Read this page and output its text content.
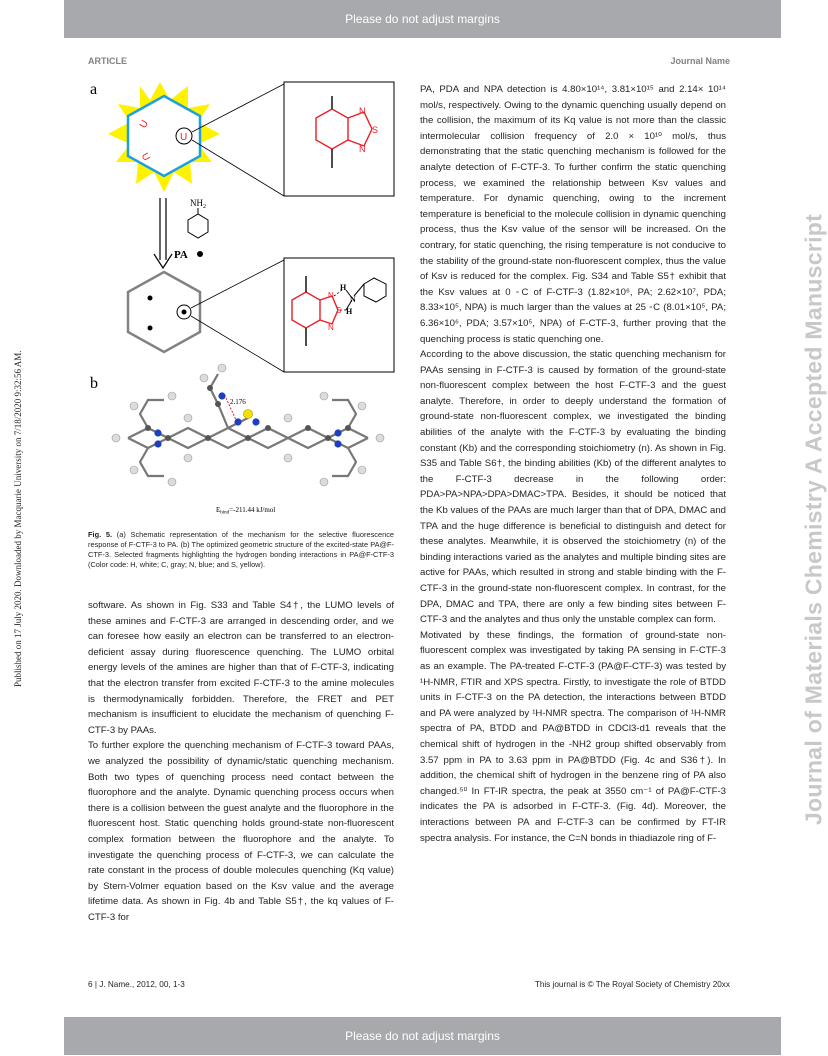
Please do not adjust margins
Please do not adjust margins
ARTICLE	Journal Name
Published on 17 July 2020. Downloaded by Macquarie University on 7/18/2020 9:32:56 AM.	Journal of Materials Chemistry A Accepted Manuscript
a
b
U
U
U
N
S
N
$NH_2$
PA
N
S
N
H
N
H
2.176
$E_{bind}=-211.44$ kJ/mol
Fig. 5. (a) Schematic representation of the mechanism for the selective fluorescence response of F-CTF-3 to PA. (b) The optimized geometric structure of the excited-state PA@F-CTF-3. Selected fragments highlighting the hydrogen bonding interactions in PA@F-CTF-3 (Color code: H, white; C, gray; N, blue; and S, yellow).

software. As shown in Fig. S33 and Table S4†, the LUMO levels of these amines and F-CTF-3 are arranged in descending order, and we can foresee how easily an electron can be transferred to an electron-deficient assay during fluorescence quenching. The LUMO orbital energy levels of the amines are higher than that of F-CTF-3, indicating that the electron transfer from excited F-CTF-3 to the amine molecules is thermodynamically forbidden. Therefore, the FRET and PET mechanism is insufficient to elucidate the mechanism of quenching F-CTF-3 by PAAs.

To further explore the quenching mechanism of F-CTF-3 toward PAAs, we analyzed the possibility of dynamic/static quenching mechanism. Both two types of quenching process need contact between the fluorophore and the analyte. Dynamic quenching process occurs when there is a collision between the guest analyte and the fluorophore in the fluorescent host. Static quenching holds ground-state non-fluorescent complex formation between the fluorophore and the analyte. To investigate the quenching process of F-CTF-3, we can calculate the rate constant in the process of double molecules quenching (Kq value) by Stern-Volmer equation based on the Ksv value and the average lifetime data. As shown in Fig. 4b and Table S5†, the kq values of F-CTF-3 for

PA, PDA and NPA detection is 4.80×10¹⁴, 3.81×10¹⁵ and 2.14× 10¹⁴ mol/s, respectively. Owing to the dynamic quenching usually depend on the collision, the maximum of its Kq value is not more than the classic intermolecular collision frequency of 2.0 × 10¹⁰ mol/s, thus demonstrating that the static quenching mechanism is followed for the analyte detection of F-CTF-3. To further confirm the static quenching process, we examined the relationship between Ksv values and temperature. For dynamic quenching, owing to the increment temperature is beneficial to the molecule collision in dynamic quenching process, thus the Ksv value of the sensor will be increased. On the contrary, for static quenching, the rising temperature is not conducive to the stability of the ground-state non-fluorescent complex, thus the value of Ksv is reduced for the complex. Fig. S34 and Table S5† exhibit that the Ksv values at 0 ◦C of F-CTF-3 (1.82×10⁶, PA; 2.62×10⁷, PDA; 8.33×10⁵, NPA) is much larger than the values at 25 ◦C (8.01×10⁵, PA; 6.36×10⁶, PDA; 3.57×10⁵, NPA) of F-CTF-3, further proving that the quenching process is static quenching one.

According to the above discussion, the static quenching mechanism for PAAs sensing in F-CTF-3 is caused by formation of the ground-state non-fluorescent complex between the host F-CTF-3 and the guest analyte. Therefore, in order to deeply understand the formation of ground-state non-fluorescent complex, we investigated the binding abilities of the analyte with the F-CTF-3 by evaluating the binding constant (Kb) and the corresponding stoichiometry (n). As shown in Fig. S35 and Table S6†, the binding abilities (Kb) of the different analytes to the F-CTF-3 decrease in the following order: PDA>PA>NPA>DPA>DMAC>TPA. Besides, it should be noticed that the Kb values of the PAAs are much larger than that of DPA, DMAC and TPA and the huge difference is beneficial to distinguish and detect for these analytes. Meanwhile, it is observed the stoichiometry (n) of the binding interactions varied as the analytes and multiple binding sites are active for PAAs, which resulted in strong and stable binding with the F-CTF-3 in the ground-state non-fluorescent complex. In contrast, for the DPA, DMAC and TPA, there are only a few binding sites between F-CTF-3 and the analytes and thus only the unstable complex can form.

Motivated by these findings, the formation of ground-state non-fluorescent complex was investigated by taking PA sensing in F-CTF-3 as an example. The PA-treated F-CTF-3 (PA@F-CTF-3) was tested by ¹H-NMR, FTIR and XPS spectra. Firstly, to investigate the role of BTDD units in F-CTF-3 on the PA detection, the interactions between BTDD and PA were analyzed by ¹H-NMR spectra. The comparison of ¹H-NMR spectra of PA, BTDD and PA@BTDD in CDCl3-d1 reveals that the chemical shift of hydrogen in the -NH2 group shifted observably from 3.57 ppm in PA to 3.63 ppm in PA@BTDD (Fig. 4c and S36†). In addition, the chemical shift of hydrogen in the benzene ring of PA also changed.⁵⁰ In FT-IR spectra, the peak at 3550 cm⁻¹ of PA@F-CTF-3 indicates the PA is adsorbed in F-CTF-3. (Fig. 4d). Moreover, the interactions between PA and F-CTF-3 can be confirmed by FT-IR spectra analysis. For instance, the C=N bonds in thiadiazole ring of F-

6 | J. Name., 2012, 00, 1-3	This journal is © The Royal Society of Chemistry 20xx
